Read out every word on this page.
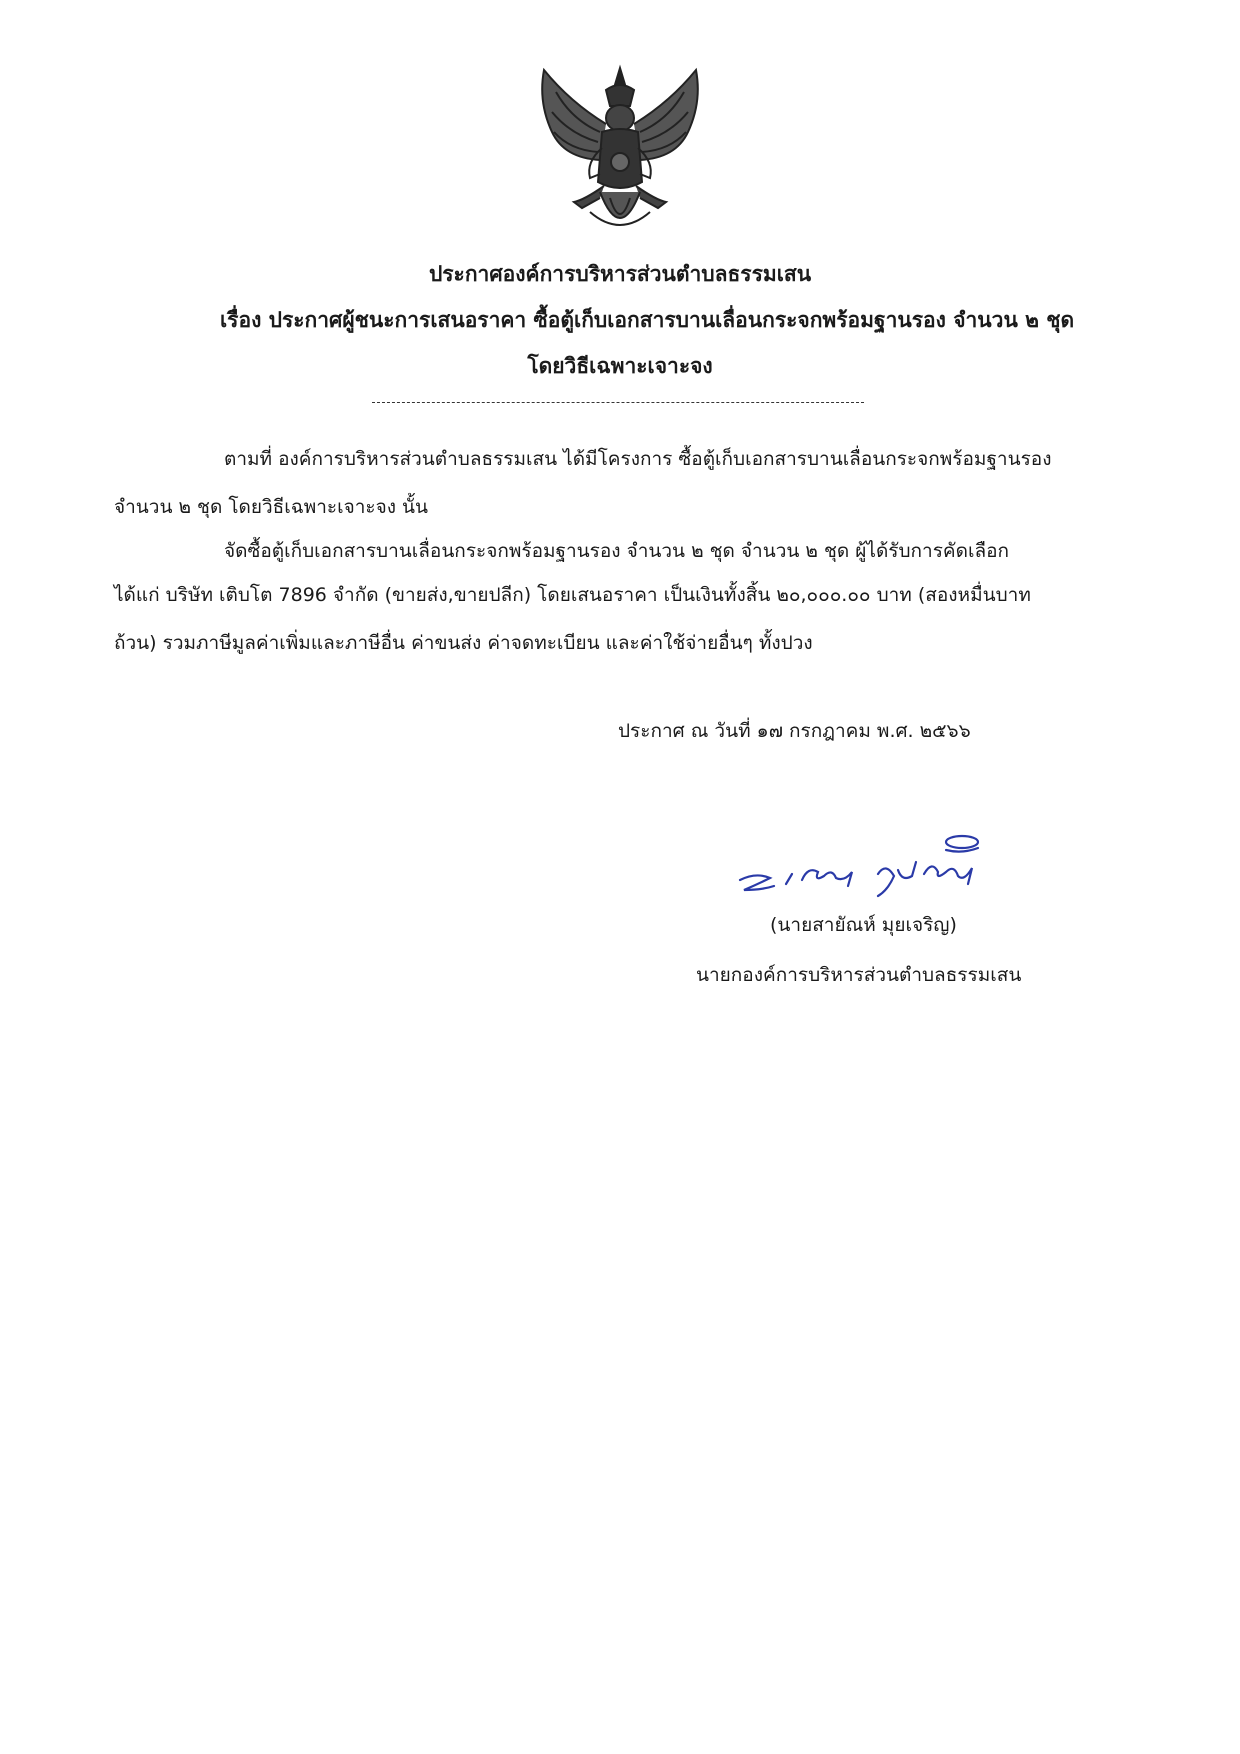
ประกาศองค์การบริหารส่วนตำบลธรรมเสน
เรื่อง ประกาศผู้ชนะการเสนอราคา ซื้อตู้เก็บเอกสารบานเลื่อนกระจกพร้อมฐานรอง จำนวน ๒ ชุด
โดยวิธีเฉพาะเจาะจง
ตามที่ องค์การบริหารส่วนตำบลธรรมเสน ได้มีโครงการ ซื้อตู้เก็บเอกสารบานเลื่อนกระจกพร้อมฐานรอง
จำนวน ๒ ชุด โดยวิธีเฉพาะเจาะจง นั้น
จัดซื้อตู้เก็บเอกสารบานเลื่อนกระจกพร้อมฐานรอง จำนวน ๒ ชุด จำนวน ๒ ชุด ผู้ได้รับการคัดเลือก
ได้แก่ บริษัท เติบโต 7896 จำกัด (ขายส่ง,ขายปลีก) โดยเสนอราคา เป็นเงินทั้งสิ้น ๒๐,๐๐๐.๐๐ บาท (สองหมื่นบาท
ถ้วน) รวมภาษีมูลค่าเพิ่มและภาษีอื่น ค่าขนส่ง ค่าจดทะเบียน และค่าใช้จ่ายอื่นๆ ทั้งปวง
ประกาศ ณ วันที่ ๑๗ กรกฎาคม พ.ศ. ๒๕๖๖
(นายสายัณห์ มุยเจริญ)
นายกองค์การบริหารส่วนตำบลธรรมเสน
